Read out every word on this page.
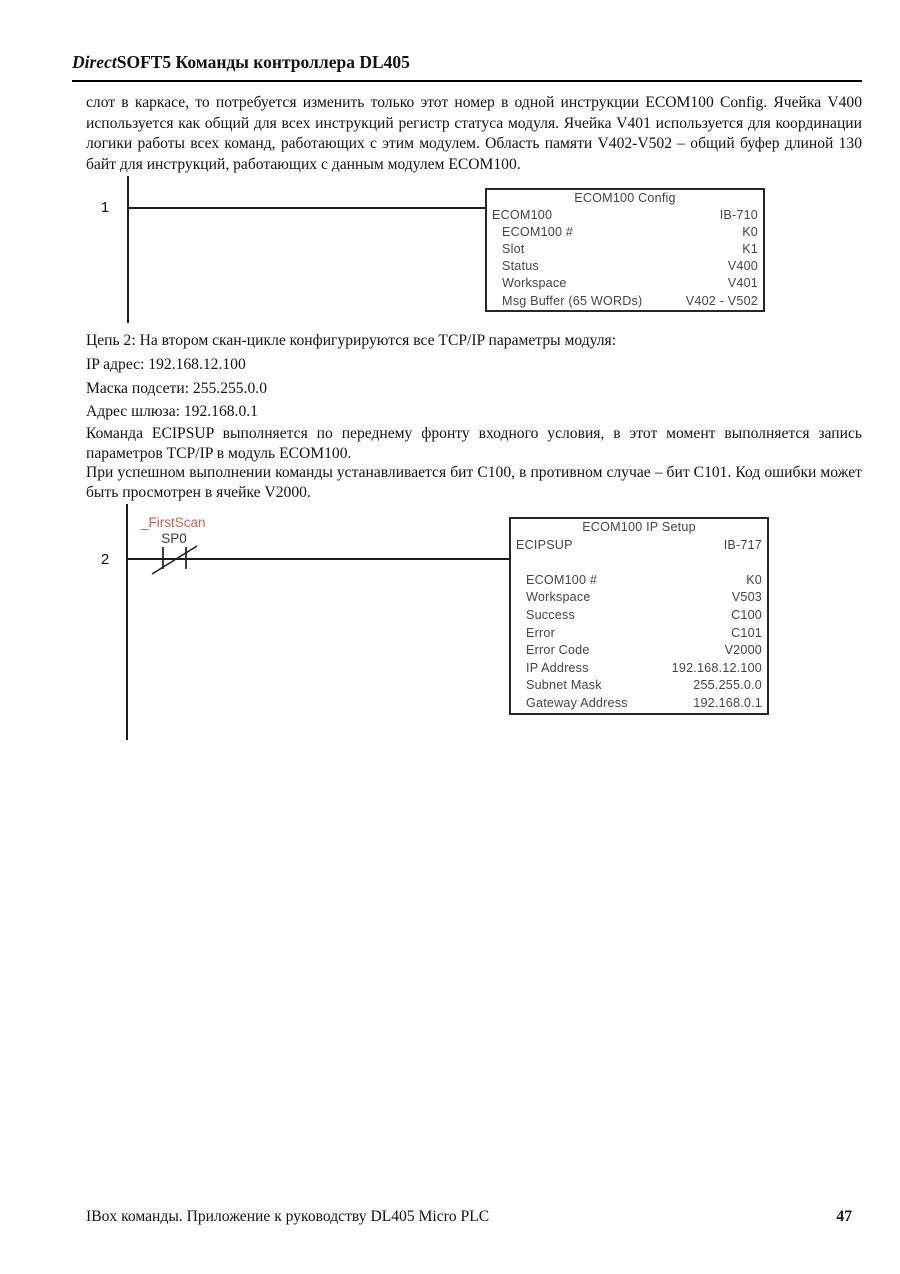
DirectSOFT5 Команды контроллера DL405
слот в каркасе, то потребуется изменить только этот номер в одной инструкции ECOM100 Config. Ячейка V400 используется как общий для всех инструкций регистр статуса модуля. Ячейка V401 используется для координации логики работы всех команд, работающих с этим модулем. Область памяти V402-V502 – общий буфер длиной 130 байт для инструкций, работающих с данным модулем ECOM100.
1
ECOM100 Config
ECOM100	IB-710
ECOM100 #	K0
Slot	K1
Status	V400
Workspace	V401
Msg Buffer (65 WORDs)	V402 - V502
Цепь 2: На втором скан-цикле конфигурируются все TCP/IP параметры модуля:
IP адрес: 192.168.12.100
Маска подсети: 255.255.0.0
Адрес шлюза: 192.168.0.1
Команда ECIPSUP выполняется по переднему фронту входного условия, в этот момент выполняется запись параметров TCP/IP в модуль ECOM100.
При успешном выполнении команды устанавливается бит C100, в противном случае – бит C101. Код ошибки может быть просмотрен в ячейке V2000.
2
_FirstScan
SP0
ECOM100 IP Setup
ECIPSUP	IB-717
ECOM100 #	K0
Workspace	V503
Success	C100
Error	C101
Error Code	V2000
IP Address	192.168.12.100
Subnet Mask	255.255.0.0
Gateway Address	192.168.0.1
IBox команды. Приложение к руководству DL405 Micro PLC	47
